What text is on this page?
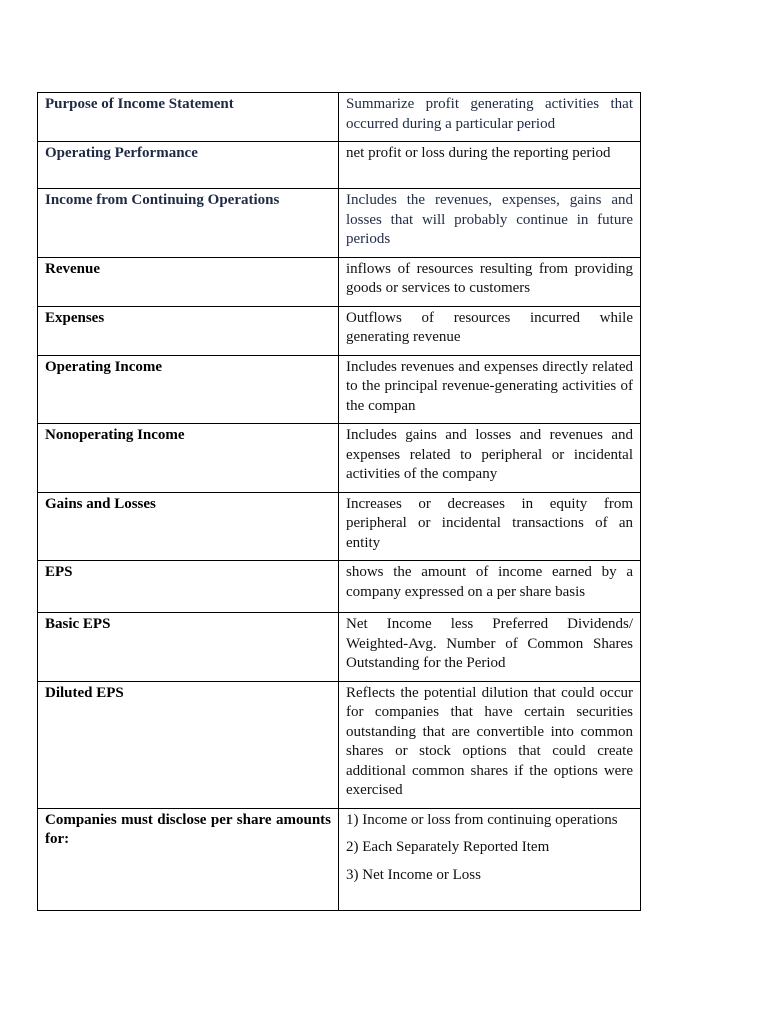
Purpose of Income Statement	Summarize profit generating activities that occurred during a particular period
Operating Performance	net profit or loss during the reporting period
Income from Continuing Operations	Includes the revenues, expenses, gains and losses that will probably continue in future periods
Revenue	inflows of resources resulting from providing goods or services to customers
Expenses	Outflows of resources incurred while generating revenue
Operating Income	Includes revenues and expenses directly related to the principal revenue-generating activities of the compan
Nonoperating Income	Includes gains and losses and revenues and expenses related to peripheral or incidental activities of the company
Gains and Losses	Increases or decreases in equity from peripheral or incidental transactions of an entity
EPS	shows the amount of income earned by a company expressed on a per share basis
Basic EPS	Net Income less Preferred Dividends/ Weighted-Avg. Number of Common Shares Outstanding for the Period
Diluted EPS	Reflects the potential dilution that could occur for companies that have certain securities outstanding that are convertible into common shares or stock options that could create additional common shares if the options were exercised
Companies must disclose per share amounts for:	1) Income or loss from continuing operations
2) Each Separately Reported Item
3) Net Income or Loss
